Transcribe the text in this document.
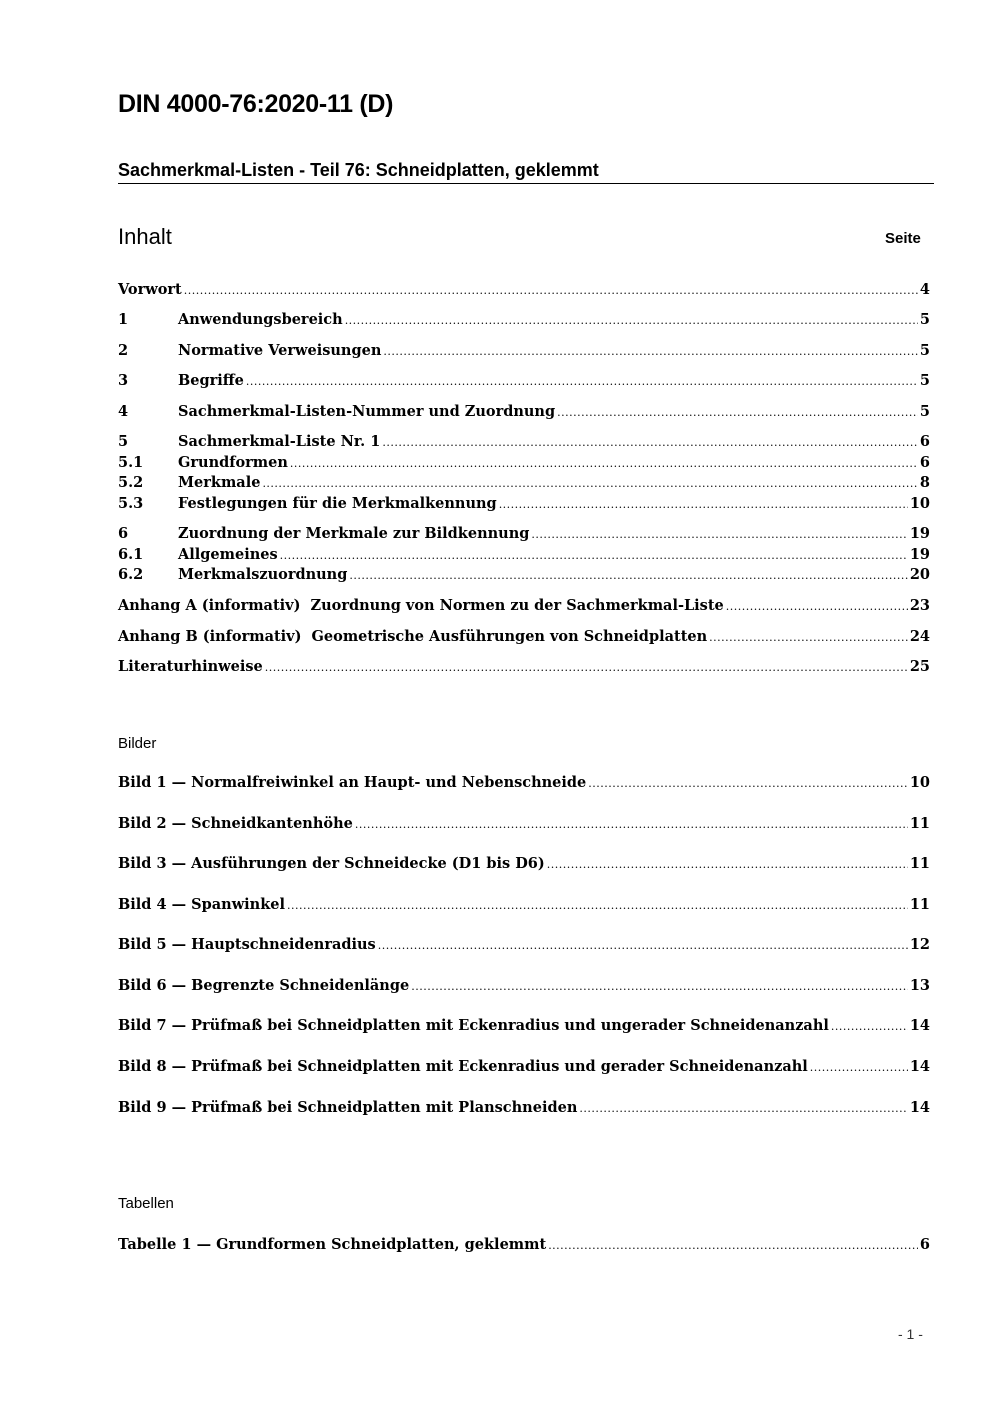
DIN 4000-76:2020-11 (D)
Sachmerkmal-Listen - Teil 76: Schneidplatten, geklemmt
Inhalt	Seite
Vorwort .....	4
1	Anwendungsbereich .....	5
2	Normative Verweisungen .....	5
3	Begriffe .....	5
4	Sachmerkmal-Listen-Nummer und Zuordnung .....	5
5	Sachmerkmal-Liste Nr. 1 .....	6
5.1	Grundformen .....	6
5.2	Merkmale .....	8
5.3	Festlegungen für die Merkmalkennung .....	10
6	Zuordnung der Merkmale zur Bildkennung .....	19
6.1	Allgemeines .....	19
6.2	Merkmalszuordnung .....	20
Anhang A (informativ)  Zuordnung von Normen zu der Sachmerkmal-Liste .....	23
Anhang B (informativ)  Geometrische Ausführungen von Schneidplatten .....	24
Literaturhinweise .....	25
Bilder
Bild 1 — Normalfreiwinkel an Haupt- und Nebenschneide .....	10
Bild 2 — Schneidkantenhöhe .....	11
Bild 3 — Ausführungen der Schneidecke (D1 bis D6) .....	11
Bild 4 — Spanwinkel .....	11
Bild 5 — Hauptschneidenradius .....	12
Bild 6 — Begrenzte Schneidenlänge .....	13
Bild 7 — Prüfmaß bei Schneidplatten mit Eckenradius und ungerader Schneidenanzahl .....	14
Bild 8 — Prüfmaß bei Schneidplatten mit Eckenradius und gerader Schneidenanzahl .....	14
Bild 9 — Prüfmaß bei Schneidplatten mit Planschneiden .....	14
Tabellen
Tabelle 1 — Grundformen Schneidplatten, geklemmt .....	6
- 1 -
